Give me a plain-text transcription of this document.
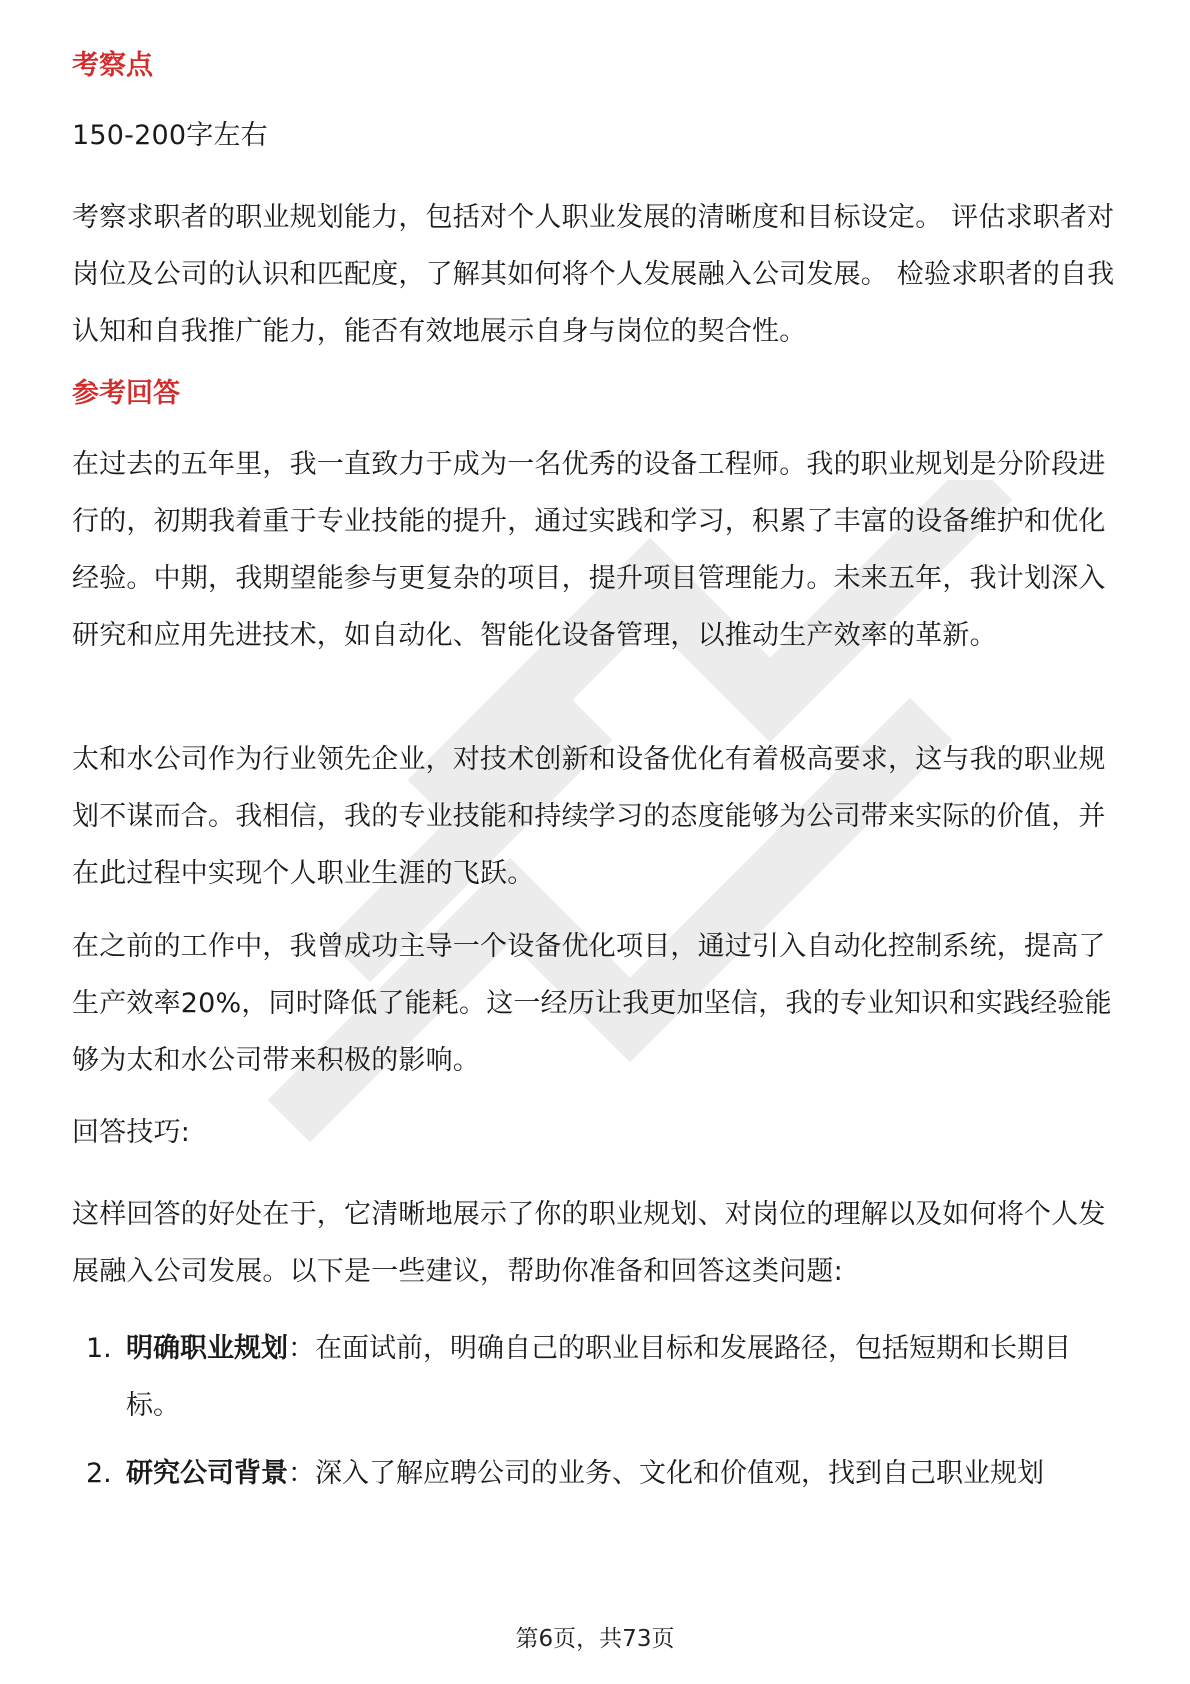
考察点

150-200字左右

考察求职者的职业规划能力，包括对个人职业发展的清晰度和目标设定。 评估求职者对岗位及公司的认识和匹配度，了解其如何将个人发展融入公司发展。 检验求职者的自我认知和自我推广能力，能否有效地展示自身与岗位的契合性。

参考回答

在过去的五年里，我一直致力于成为一名优秀的设备工程师。我的职业规划是分阶段进行的，初期我着重于专业技能的提升，通过实践和学习，积累了丰富的设备维护和优化经验。中期，我期望能参与更复杂的项目，提升项目管理能力。未来五年，我计划深入研究和应用先进技术，如自动化、智能化设备管理，以推动生产效率的革新。

太和水公司作为行业领先企业，对技术创新和设备优化有着极高要求，这与我的职业规划不谋而合。我相信，我的专业技能和持续学习的态度能够为公司带来实际的价值，并在此过程中实现个人职业生涯的飞跃。

在之前的工作中，我曾成功主导一个设备优化项目，通过引入自动化控制系统，提高了生产效率20%，同时降低了能耗。这一经历让我更加坚信，我的专业知识和实践经验能够为太和水公司带来积极的影响。

回答技巧:

这样回答的好处在于，它清晰地展示了你的职业规划、对岗位的理解以及如何将个人发展融入公司发展。以下是一些建议，帮助你准备和回答这类问题:

1. 明确职业规划：在面试前，明确自己的职业目标和发展路径，包括短期和长期目标。
2. 研究公司背景：深入了解应聘公司的业务、文化和价值观，找到自己职业规划
第6页，共73页
